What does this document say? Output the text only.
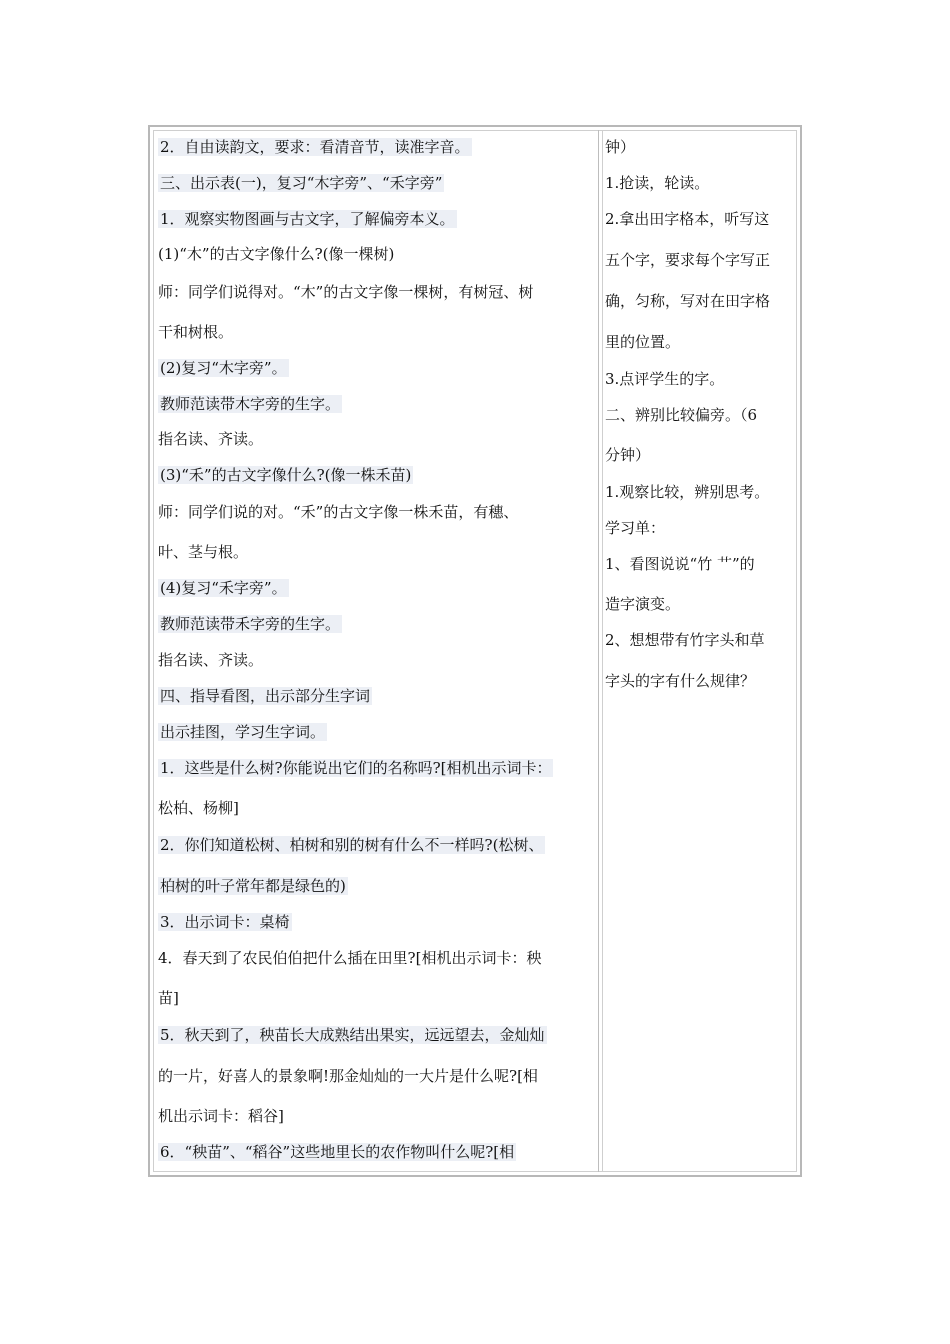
2．自由读韵文，要求：看清音节，读准字音。
三、出示表(一)，复习“木字旁”、“禾字旁”
1．观察实物图画与古文字，了解偏旁本义。
(1)“木”的古文字像什么?(像一棵树)
师：同学们说得对。“木”的古文字像一棵树，有树冠、树
干和树根。
(2)复习“木字旁”。
教师范读带木字旁的生字。
指名读、齐读。
(3)“禾”的古文字像什么?(像一株禾苗)
师：同学们说的对。“禾”的古文字像一株禾苗，有穗、
叶、茎与根。
(4)复习“禾字旁”。
教师范读带禾字旁的生字。
指名读、齐读。
四、指导看图，出示部分生字词
出示挂图，学习生字词。
1．这些是什么树?你能说出它们的名称吗?[相机出示词卡：
松柏、杨柳]
2．你们知道松树、柏树和别的树有什么不一样吗?(松树、
柏树的叶子常年都是绿色的)
3．出示词卡：桌椅
4．春天到了农民伯伯把什么插在田里?[相机出示词卡：秧
苗]
5．秋天到了，秧苗长大成熟结出果实，远远望去，金灿灿
的一片，好喜人的景象啊!那金灿灿的一大片是什么呢?[相
机出示词卡：稻谷]
6．“秧苗”、“稻谷”这些地里长的农作物叫什么呢?[相
钟）
1.抢读，轮读。
2.拿出田字格本，听写这
五个字，要求每个字写正
确，匀称，写对在田字格
里的位置。
3.点评学生的字。
二、辨别比较偏旁。（6
分钟）
1.观察比较，辨别思考。
学习单：
1、看图说说“竹 艹”的
造字演变。
2、想想带有竹字头和草
字头的字有什么规律？
